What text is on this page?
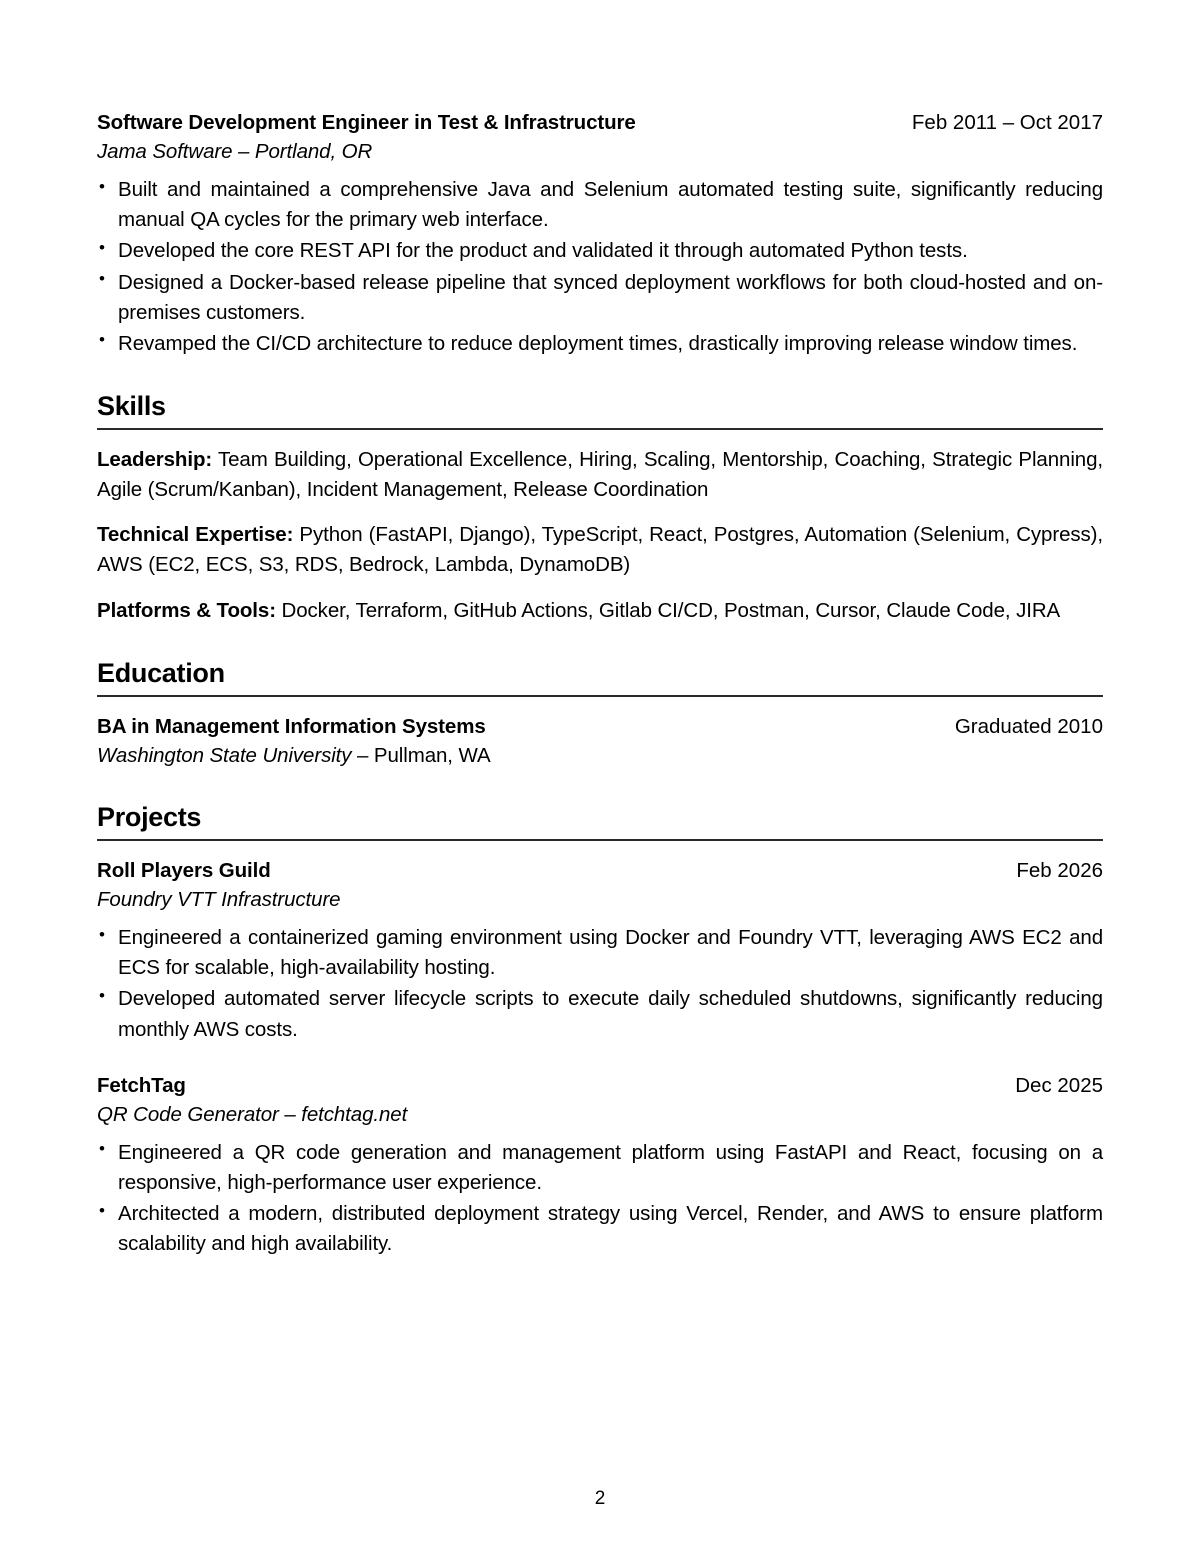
Software Development Engineer in Test & Infrastructure	Feb 2011 – Oct 2017
Jama Software – Portland, OR
• Built and maintained a comprehensive Java and Selenium automated testing suite, significantly reducing manual QA cycles for the primary web interface.
• Developed the core REST API for the product and validated it through automated Python tests.
• Designed a Docker-based release pipeline that synced deployment workflows for both cloud-hosted and on-premises customers.
• Revamped the CI/CD architecture to reduce deployment times, drastically improving release window times.
Skills
Leadership: Team Building, Operational Excellence, Hiring, Scaling, Mentorship, Coaching, Strategic Planning, Agile (Scrum/Kanban), Incident Management, Release Coordination
Technical Expertise: Python (FastAPI, Django), TypeScript, React, Postgres, Automation (Selenium, Cypress), AWS (EC2, ECS, S3, RDS, Bedrock, Lambda, DynamoDB)
Platforms & Tools: Docker, Terraform, GitHub Actions, Gitlab CI/CD, Postman, Cursor, Claude Code, JIRA
Education
BA in Management Information Systems	Graduated 2010
Washington State University – Pullman, WA
Projects
Roll Players Guild	Feb 2026
Foundry VTT Infrastructure
• Engineered a containerized gaming environment using Docker and Foundry VTT, leveraging AWS EC2 and ECS for scalable, high-availability hosting.
• Developed automated server lifecycle scripts to execute daily scheduled shutdowns, significantly reducing monthly AWS costs.
FetchTag	Dec 2025
QR Code Generator – fetchtag.net
• Engineered a QR code generation and management platform using FastAPI and React, focusing on a responsive, high-performance user experience.
• Architected a modern, distributed deployment strategy using Vercel, Render, and AWS to ensure platform scalability and high availability.
2
